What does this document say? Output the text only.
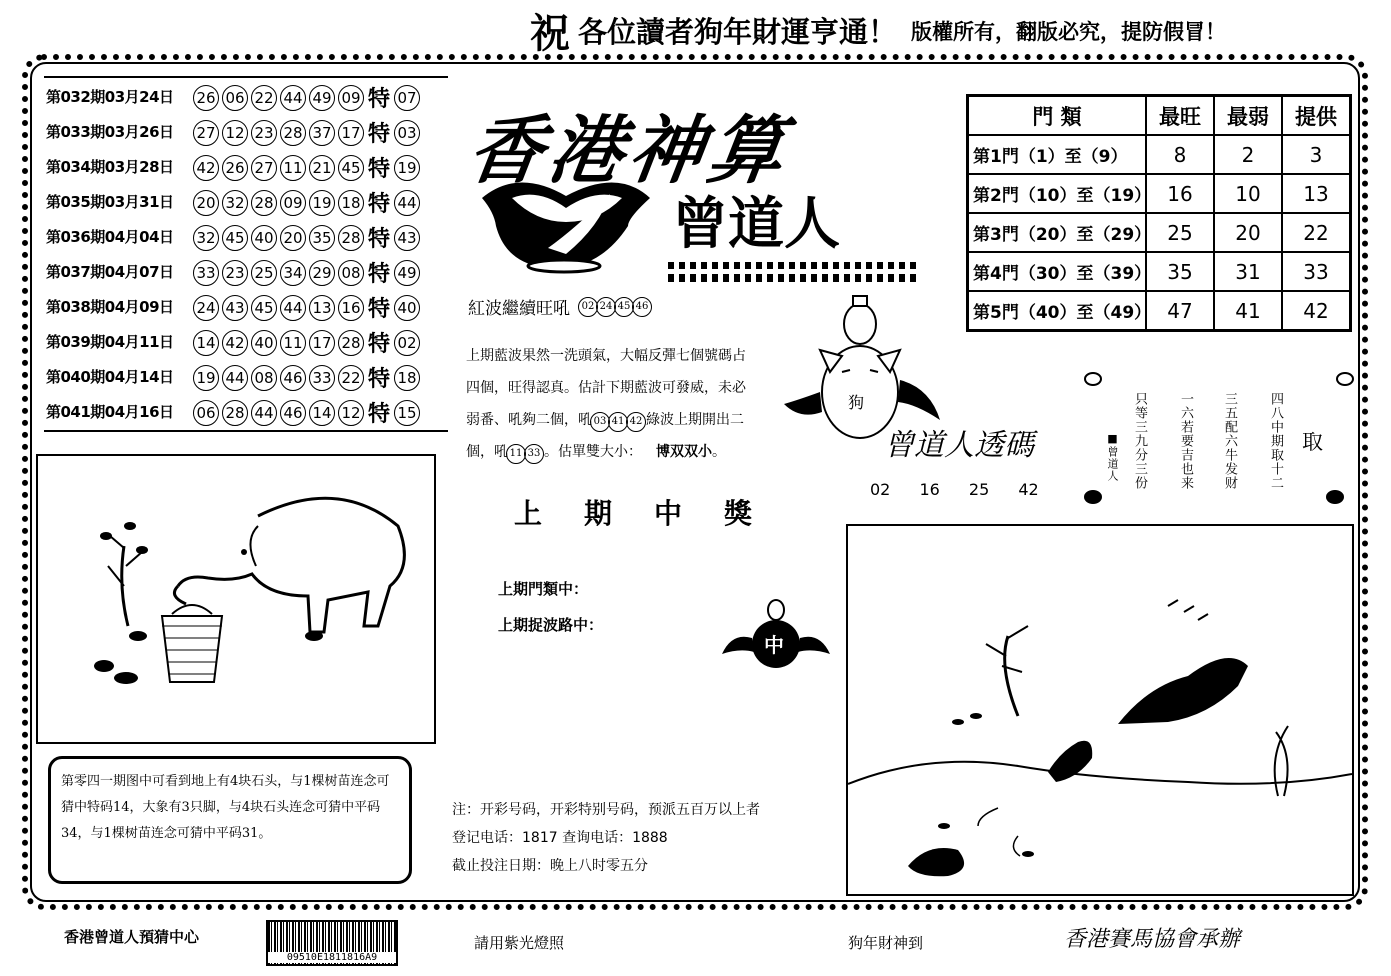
祝 各位讀者狗年財運亨通！ 版權所有，翻版必究，提防假冒！
第032期03月24日 26 06 22 44 49 09 特 07
第033期03月26日 27 12 23 28 37 17 特 03
第034期03月28日 42 26 27 11 21 45 特 19
第035期03月31日 20 32 28 09 19 18 特 44
第036期04月04日 32 45 40 20 35 28 特 43
第037期04月07日 33 23 25 34 29 08 特 49
第038期04月09日 24 43 45 44 13 16 特 40
第039期04月11日 14 42 40 11 17 28 特 02
第040期04月14日 19 44 08 46 33 22 特 18
第041期04月16日 06 28 44 46 14 12 特 15
香港神算
曾道人
門 類	最旺	最弱	提供
第1門（1）至（9）	8	2	3
第2門（10）至（19）	16	10	13
第3門（20）至（29）	25	20	22
第4門（30）至（39）	35	31	33
第5門（40）至（49）	47	41	42
紅波繼續旺吼	02 24 45 46
上期藍波果然一洗頭氣，大幅反彈七個號碼占四個，旺得認真。估計下期藍波可發威，未必弱番、吼夠二個，吼 03 41 42 綠波上期開出二個，吼 11 33 。估單雙大小： 博双双小。
狗
曾道人透碼
02 16 25 42	四八中期取十二
三五配六牛发财
一六若要吉也来
只等三九分三份
■曾道人	取
上期中獎
上期門類中：
上期捉波路中：
中
第零四一期图中可看到地上有4块石头，与1棵树苗连念可猜中特码14，大象有3只脚，与4块石头连念可猜中平码34，与1棵树苗连念可猜中平码31。
注：开彩号码，开彩特别号码，预派五百万以上者
登记电话：1817 查询电话：1888
截止投注日期：晚上八时零五分
香港曾道人預猜中心
09510E1811816A9
請用紫光燈照	狗年財神到	香港賽馬協會承辦
